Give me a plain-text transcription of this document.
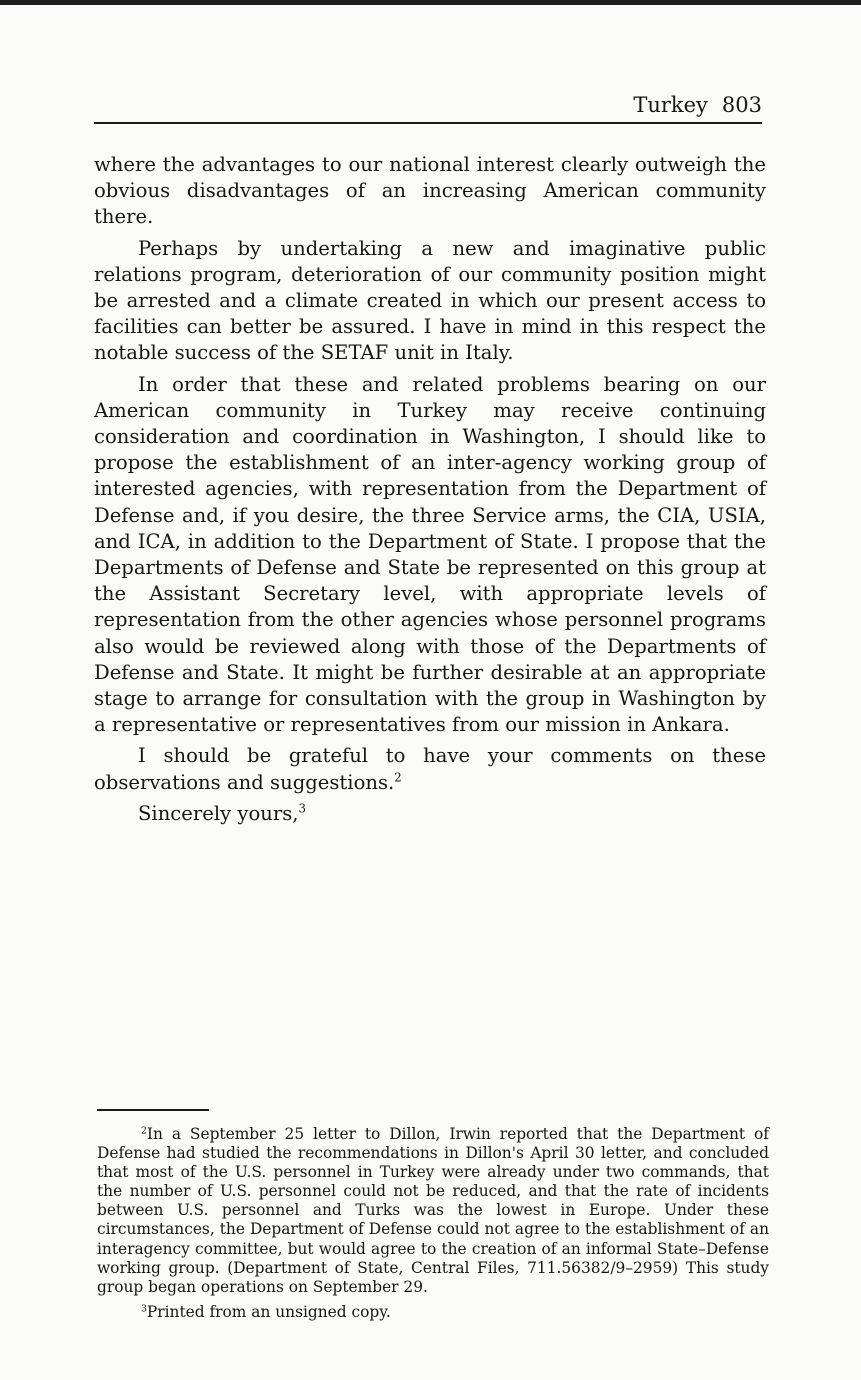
Turkey 803

where the advantages to our national interest clearly outweigh the obvious disadvantages of an increasing American community there.

Perhaps by undertaking a new and imaginative public relations program, deterioration of our community position might be arrested and a climate created in which our present access to facilities can better be assured. I have in mind in this respect the notable success of the SETAF unit in Italy.

In order that these and related problems bearing on our American community in Turkey may receive continuing consideration and coordination in Washington, I should like to propose the establishment of an inter-agency working group of interested agencies, with representation from the Department of Defense and, if you desire, the three Service arms, the CIA, USIA, and ICA, in addition to the Department of State. I propose that the Departments of Defense and State be represented on this group at the Assistant Secretary level, with appropriate levels of representation from the other agencies whose personnel programs also would be reviewed along with those of the Departments of Defense and State. It might be further desirable at an appropriate stage to arrange for consultation with the group in Washington by a representative or representatives from our mission in Ankara.

I should be grateful to have your comments on these observations and suggestions.$^2$

Sincerely yours,$^3$

$^2$In a September 25 letter to Dillon, Irwin reported that the Department of Defense had studied the recommendations in Dillon's April 30 letter, and concluded that most of the U.S. personnel in Turkey were already under two commands, that the number of U.S. personnel could not be reduced, and that the rate of incidents between U.S. personnel and Turks was the lowest in Europe. Under these circumstances, the Department of Defense could not agree to the establishment of an interagency committee, but would agree to the creation of an informal State–Defense working group. (Department of State, Central Files, 711.56382/9–2959) This study group began operations on September 29.

$^3$Printed from an unsigned copy.
